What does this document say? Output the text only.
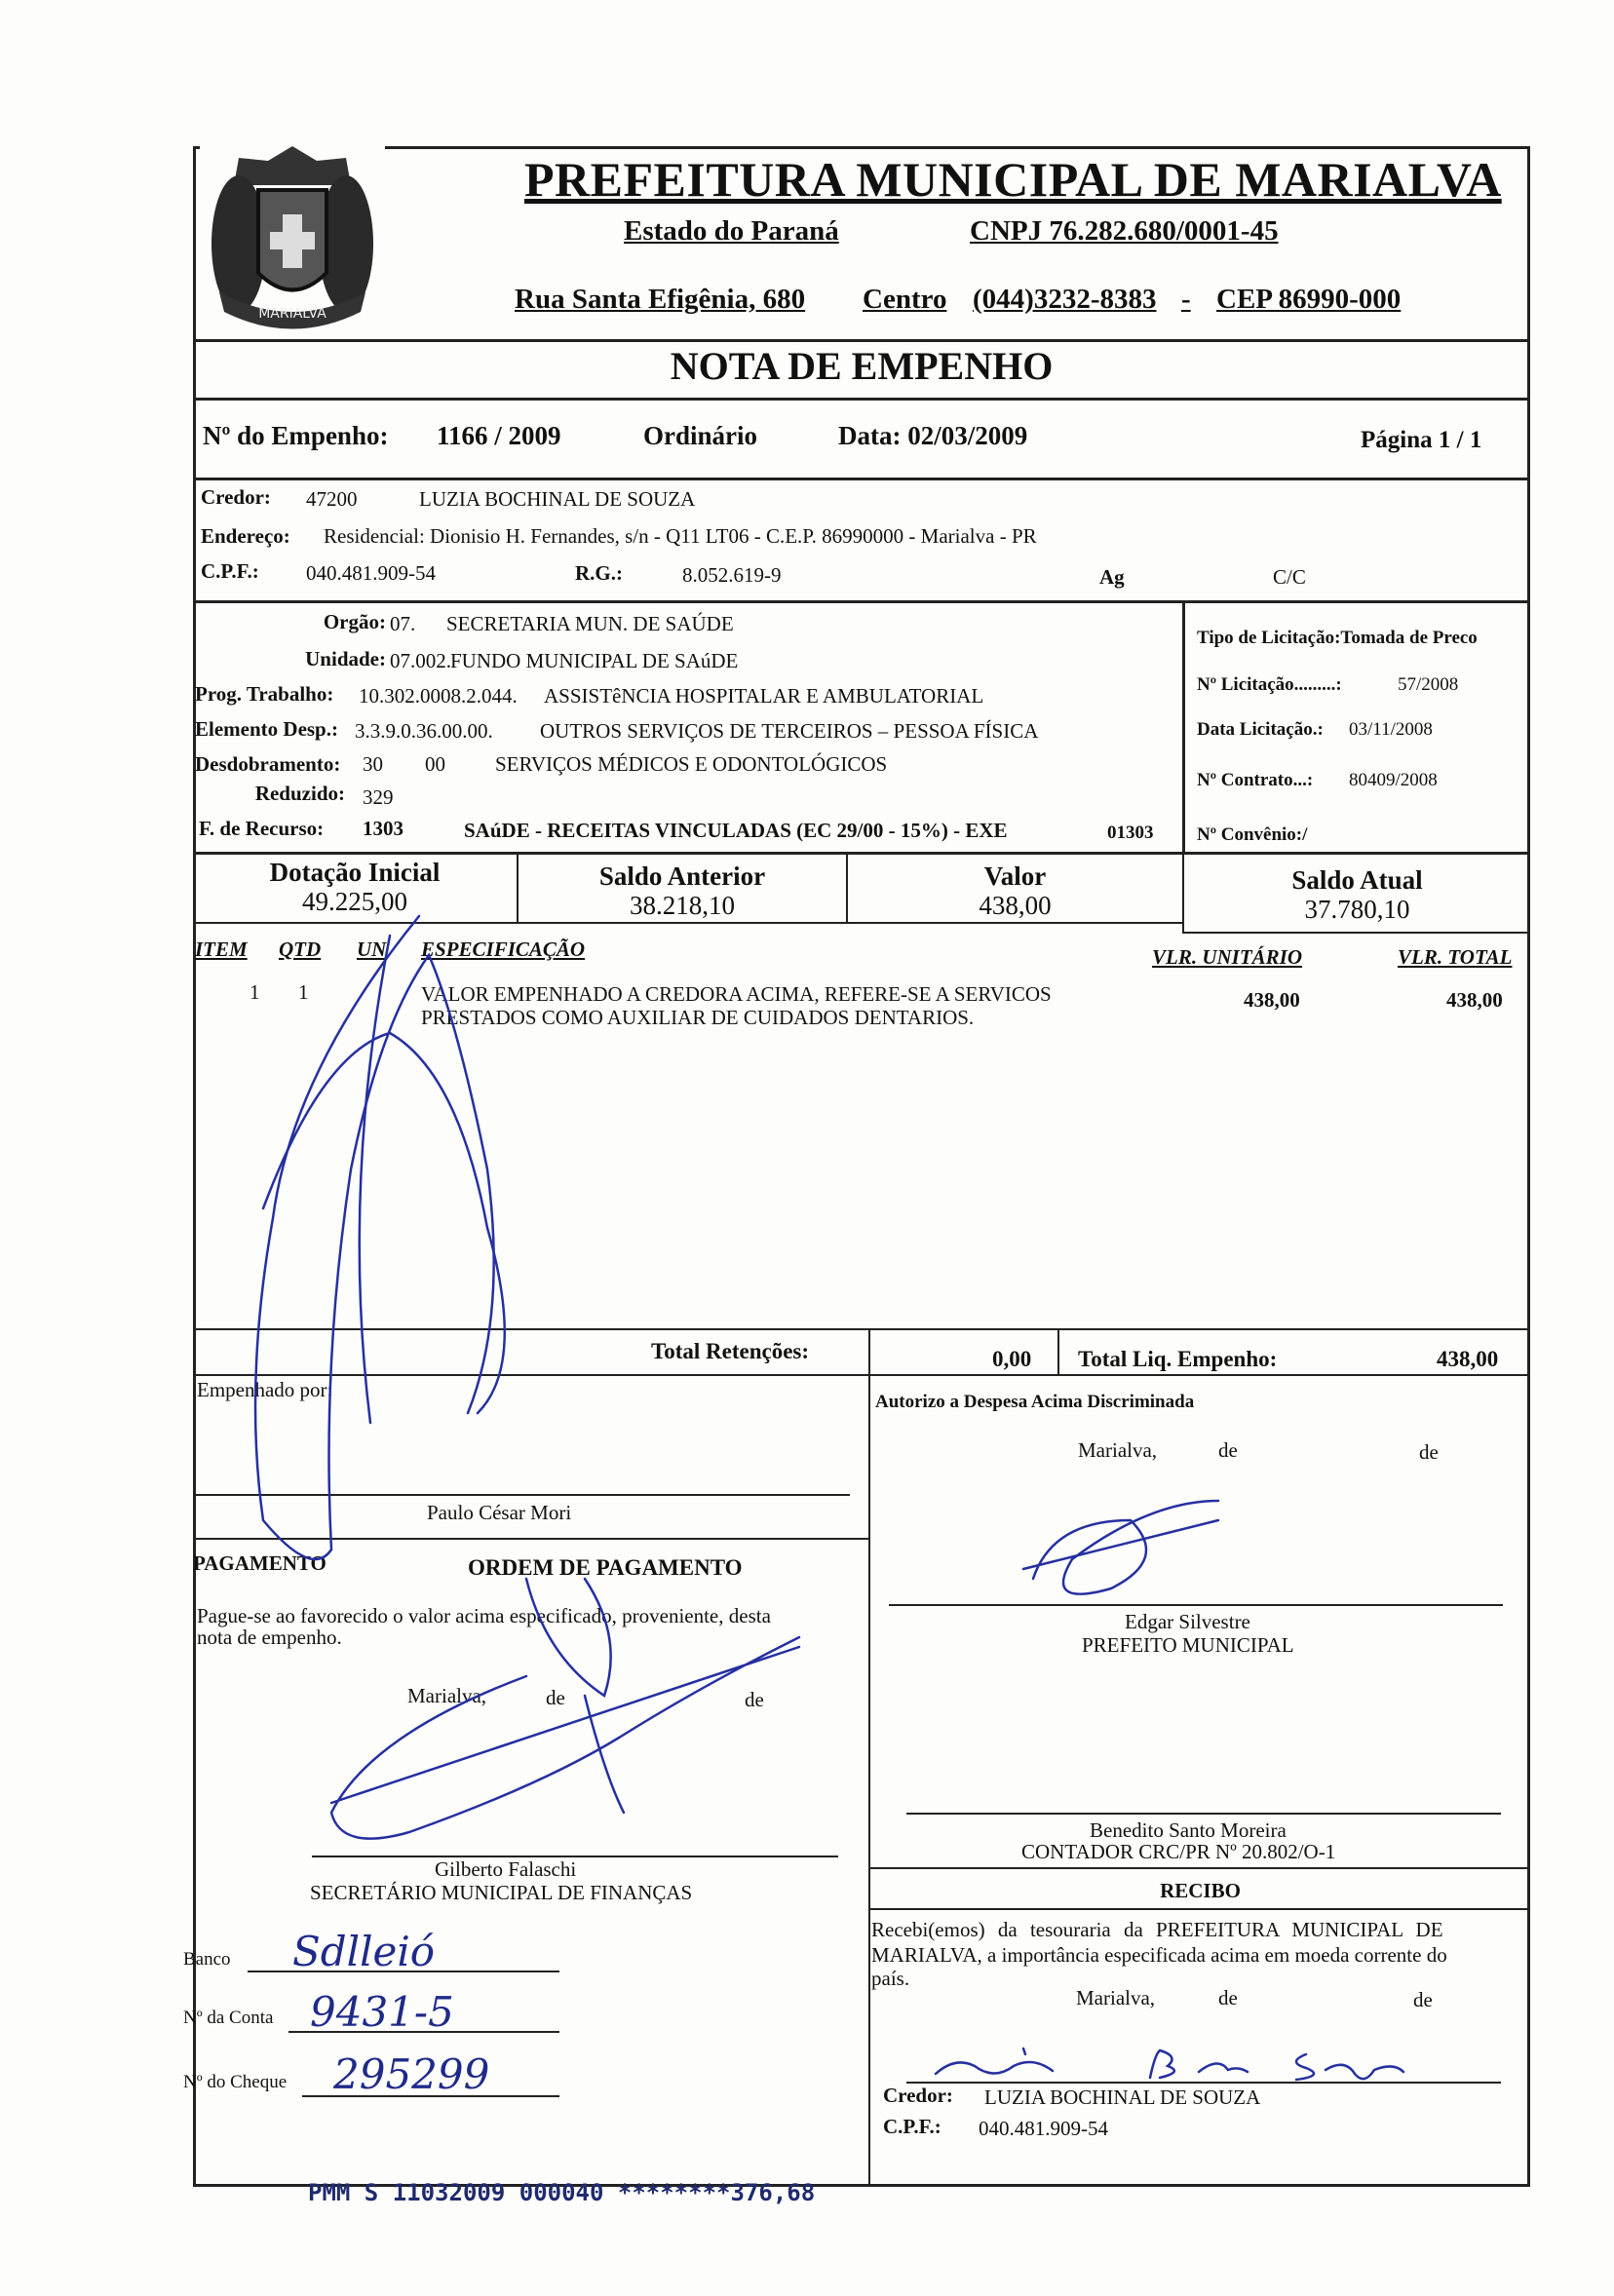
MARIALVA
PREFEITURA MUNICIPAL DE MARIALVA
Estado do Paraná	CNPJ 76.282.680/0001-45
Rua Santa Efigênia, 680 Centro (044)3232-8383 - CEP 86990-000
NOTA DE EMPENHO
Nº do Empenho: 1166 / 2009	Ordinário	Data: 02/03/2009	Página 1 / 1
Credor: 47200	LUZIA BOCHINAL DE SOUZA
Endereço: Residencial: Dionisio H. Fernandes, s/n - Q11 LT06 - C.E.P. 86990000 - Marialva - PR
C.P.F.: 040.481.909-54	R.G.:	8.052.619-9	Ag	C/C
Orgão: 07. SECRETARIA MUN. DE SAÚDE
Unidade: 07.002. FUNDO MUNICIPAL DE SAúDE
Prog. Trabalho: 10.302.0008.2.044. ASSISTêNCIA HOSPITALAR E AMBULATORIAL
Elemento Desp.: 3.3.9.0.36.00.00. OUTROS SERVIÇOS DE TERCEIROS – PESSOA FÍSICA
Desdobramento: 30 00 SERVIÇOS MÉDICOS E ODONTOLÓGICOS
Reduzido: 329
F. de Recurso: 1303	SAúDE - RECEITAS VINCULADAS (EC 29/00 - 15%) - EXE	01303
Tipo de Licitação:Tomada de Preco
Nº Licitação.........:	57/2008
Data Licitação.: 03/11/2008
Nº Contrato...: 80409/2008
Nº Convênio:/
Dotação Inicial
49.225,00
Saldo Anterior
38.218,10
Valor
438,00
Saldo Atual
37.780,10
ITEM QTD UN ESPECIFICAÇÃO	VLR. UNITÁRIO	VLR. TOTAL
1 1	VALOR EMPENHADO A CREDORA ACIMA, REFERE-SE A SERVICOS
PRESTADOS COMO AUXILIAR DE CUIDADOS DENTARIOS.
438,00	438,00
Total Retenções:	0,00 Total Liq. Empenho:	438,00
Empenhado por:
Paulo César Mori
PAGAMENTO	ORDEM DE PAGAMENTO
Pague-se ao favorecido o valor acima especificado, proveniente, desta
nota de empenho.
Marialva,	de	de
Gilberto Falaschi
SECRETÁRIO MUNICIPAL DE FINANÇAS
Banco Sdlleió
Nº da Conta 9431-5
Nº do Cheque 295299
Autorizo a Despesa Acima Discriminada
Marialva,	de	de
Edgar Silvestre
PREFEITO MUNICIPAL
Benedito Santo Moreira
CONTADOR CRC/PR Nº 20.802/O-1
RECIBO
Recebi(emos) da tesouraria da PREFEITURA MUNICIPAL DE
MARIALVA, a importância especificada acima em moeda corrente do
país.
Marialva,	de	de
Credor: LUZIA BOCHINAL DE SOUZA
C.P.F.: 040.481.909-54
PMM S 11032009 000040 ********376,68
